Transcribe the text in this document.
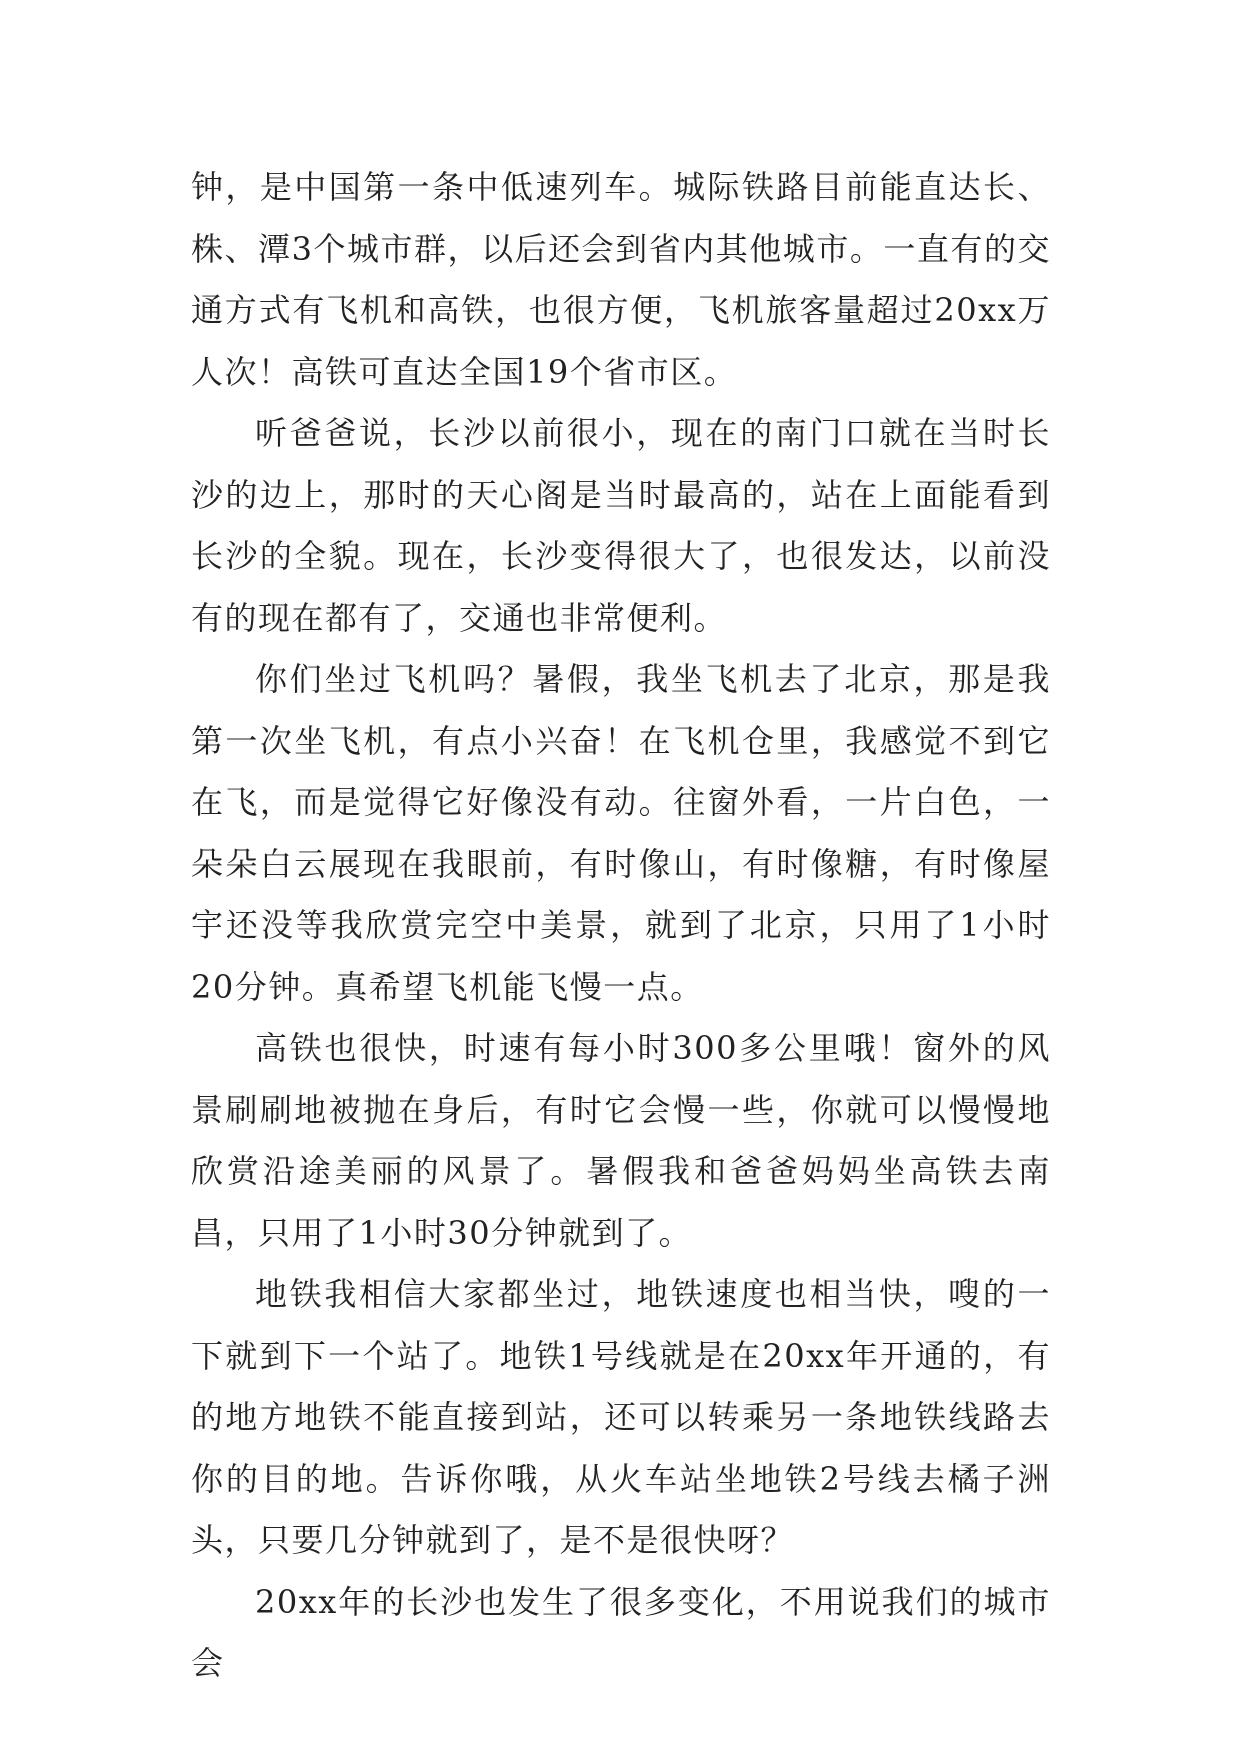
钟，是中国第一条中低速列车。城际铁路目前能直达长、株、潭3个城市群，以后还会到省内其他城市。一直有的交通方式有飞机和高铁，也很方便，飞机旅客量超过20xx万人次！高铁可直达全国19个省市区。

听爸爸说，长沙以前很小，现在的南门口就在当时长沙的边上，那时的天心阁是当时最高的，站在上面能看到长沙的全貌。现在，长沙变得很大了，也很发达，以前没有的现在都有了，交通也非常便利。

你们坐过飞机吗？暑假，我坐飞机去了北京，那是我第一次坐飞机，有点小兴奋！在飞机仓里，我感觉不到它在飞，而是觉得它好像没有动。往窗外看，一片白色，一朵朵白云展现在我眼前，有时像山，有时像糖，有时像屋宇还没等我欣赏完空中美景，就到了北京，只用了1小时20分钟。真希望飞机能飞慢一点。

高铁也很快，时速有每小时300多公里哦！窗外的风景刷刷地被抛在身后，有时它会慢一些，你就可以慢慢地欣赏沿途美丽的风景了。暑假我和爸爸妈妈坐高铁去南昌，只用了1小时30分钟就到了。

地铁我相信大家都坐过，地铁速度也相当快，嗖的一下就到下一个站了。地铁1号线就是在20xx年开通的，有的地方地铁不能直接到站，还可以转乘另一条地铁线路去你的目的地。告诉你哦，从火车站坐地铁2号线去橘子洲头，只要几分钟就到了，是不是很快呀？

20xx年的长沙也发生了很多变化，不用说我们的城市会
